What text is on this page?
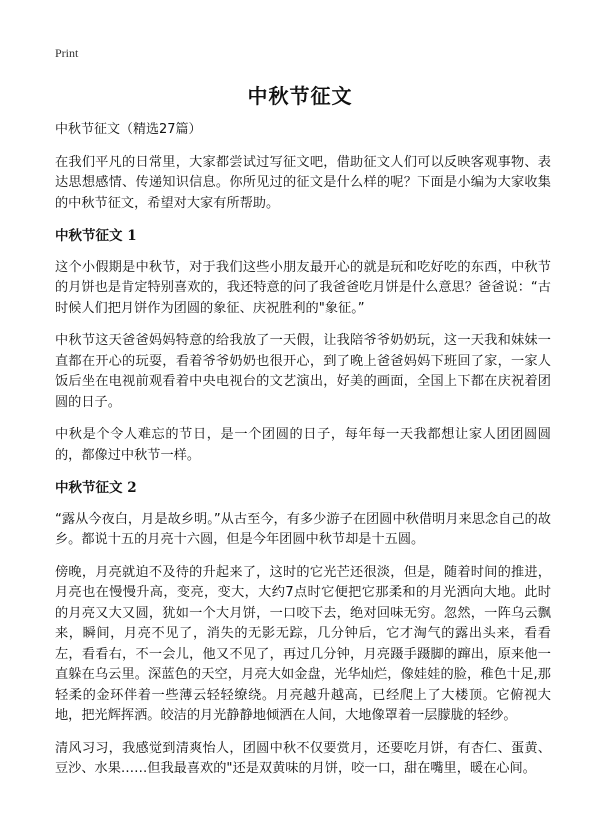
Print
中秋节征文

中秋节征文（精选27篇）

在我们平凡的日常里，大家都尝试过写征文吧，借助征文人们可以反映客观事物、表达思想感情、传递知识信息。你所见过的征文是什么样的呢？下面是小编为大家收集的中秋节征文，希望对大家有所帮助。

中秋节征文 1

这个小假期是中秋节，对于我们这些小朋友最开心的就是玩和吃好吃的东西，中秋节的月饼也是肯定特别喜欢的，我还特意的问了我爸爸吃月饼是什么意思？爸爸说：“古时候人们把月饼作为团圆的象征、庆祝胜利的"象征。”

中秋节这天爸爸妈妈特意的给我放了一天假，让我陪爷爷奶奶玩，这一天我和妹妹一直都在开心的玩耍，看着爷爷奶奶也很开心，到了晚上爸爸妈妈下班回了家，一家人饭后坐在电视前观看着中央电视台的文艺演出，好美的画面，全国上下都在庆祝着团圆的日子。

中秋是个令人难忘的节日，是一个团圆的日子，每年每一天我都想让家人团团圆圆的，都像过中秋节一样。

中秋节征文 2

“露从今夜白，月是故乡明。”从古至今，有多少游子在团圆中秋借明月来思念自己的故乡。都说十五的月亮十六圆，但是今年团圆中秋节却是十五圆。

傍晚，月亮就迫不及待的升起来了，这时的它光芒还很淡，但是，随着时间的推进，月亮也在慢慢升高，变亮，变大，大约7点时它便把它那柔和的月光洒向大地。此时的月亮又大又圆，犹如一个大月饼，一口咬下去，绝对回味无穷。忽然，一阵乌云飘来，瞬间，月亮不见了，消失的无影无踪，几分钟后，它才淘气的露出头来，看看左，看看右，不一会儿，他又不见了，再过几分钟，月亮蹑手蹑脚的蹿出，原来他一直躲在乌云里。深蓝色的天空，月亮大如金盘，光华灿烂，像娃娃的脸，稚色十足,那轻柔的金环伴着一些薄云轻轻缭绕。月亮越升越高，已经爬上了大楼顶。它俯视大地，把光辉挥洒。皎洁的月光静静地倾洒在人间，大地像罩着一层朦胧的轻纱。

清风习习，我感觉到清爽怡人，团圆中秋不仅要赏月，还要吃月饼，有杏仁、蛋黄、豆沙、水果……但我最喜欢的"还是双黄味的月饼，咬一口，甜在嘴里，暖在心间。
